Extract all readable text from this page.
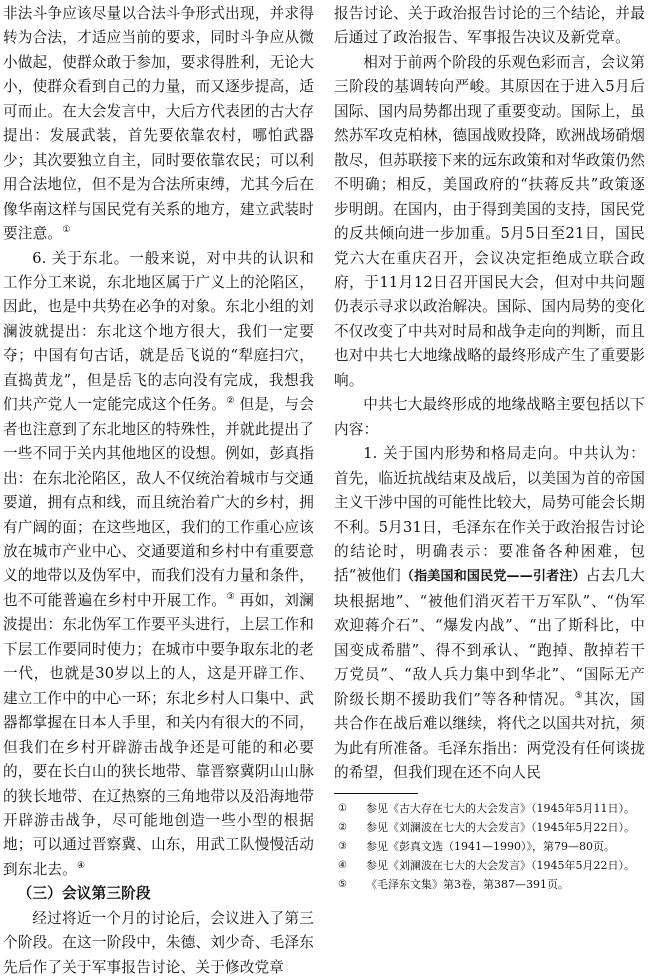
非法斗争应该尽量以合法斗争形式出现，并求得转为合法，才适应当前的要求，同时斗争应从微小做起，使群众敢于参加，要求得胜利，无论大小，使群众看到自己的力量，而又逐步提高，适可而止。在大会发言中，大后方代表团的古大存提出：发展武装，首先要依靠农村，哪怕武器少；其次要独立自主，同时要依靠农民；可以利用合法地位，但不是为合法所束缚，尤其今后在像华南这样与国民党有关系的地方，建立武装时要注意。①

6. 关于东北。一般来说，对中共的认识和工作分工来说，东北地区属于广义上的沦陷区，因此，也是中共势在必争的对象。东北小组的刘澜波就提出：东北这个地方很大，我们一定要夺；中国有句古话，就是岳飞说的“犁庭扫穴，直捣黄龙”，但是岳飞的志向没有完成，我想我们共产党人一定能完成这个任务。② 但是，与会者也注意到了东北地区的特殊性，并就此提出了一些不同于关内其他地区的设想。例如，彭真指出：在东北沦陷区，敌人不仅统治着城市与交通要道，拥有点和线，而且统治着广大的乡村，拥有广阔的面；在这些地区，我们的工作重心应该放在城市产业中心、交通要道和乡村中有重要意义的地带以及伪军中，而我们没有力量和条件，也不可能普遍在乡村中开展工作。③ 再如，刘澜波提出：东北伪军工作要平头进行，上层工作和下层工作要同时使力；在城市中要争取东北的老一代，也就是30岁以上的人，这是开辟工作、建立工作中的中心一环；东北乡村人口集中、武器都掌握在日本人手里，和关内有很大的不同，但我们在乡村开辟游击战争还是可能的和必要的，要在长白山的狭长地带、靠晋察冀阴山山脉的狭长地带、在辽热察的三角地带以及沿海地带开辟游击战争，尽可能地创造一些小型的根据地；可以通过晋察冀、山东，用武工队慢慢活动到东北去。④

（三）会议第三阶段

经过将近一个月的讨论后，会议进入了第三个阶段。在这一阶段中，朱德、刘少奇、毛泽东先后作了关于军事报告讨论、关于修改党章

报告讨论、关于政治报告讨论的三个结论，并最后通过了政治报告、军事报告决议及新党章。

相对于前两个阶段的乐观色彩而言，会议第三阶段的基调转向严峻。其原因在于进入5月后国际、国内局势都出现了重要变动。国际上，虽然苏军攻克柏林，德国战败投降，欧洲战场硝烟散尽，但苏联接下来的远东政策和对华政策仍然不明确；相反，美国政府的“扶蒋反共”政策逐步明朗。在国内，由于得到美国的支持，国民党的反共倾向进一步加重。5月5日至21日，国民党六大在重庆召开，会议决定拒绝成立联合政府，于11月12日召开国民大会，但对中共问题仍表示寻求以政治解决。国际、国内局势的变化不仅改变了中共对时局和战争走向的判断，而且也对中共七大地缘战略的最终形成产生了重要影响。

中共七大最终形成的地缘战略主要包括以下内容：

1. 关于国内形势和格局走向。中共认为：首先，临近抗战结束及战后，以美国为首的帝国主义干涉中国的可能性比较大，局势可能会长期不利。5月31日，毛泽东在作关于政治报告讨论的结论时，明确表示：要准备各种困难，包括“被他们（指美国和国民党——引者注）占去几大块根据地”、“被他们消灭若干万军队”、“伪军欢迎蒋介石”、“爆发内战”、“出了斯科比，中国变成希腊”、得不到承认、“跑掉、散掉若干万党员”、“敌人兵力集中到华北”、“国际无产阶级长期不援助我们”等各种情况。⑤其次，国共合作在战后难以继续，将代之以国共对抗，须为此有所准备。毛泽东指出：两党没有任何谈拢的希望，但我们现在还不向人民

① 参见《古大存在七大的大会发言》（1945年5月11日）。
② 参见《刘澜波在七大的大会发言》（1945年5月22日）。
③ 参见《彭真文选（1941—1990）》，第79—80页。
④ 参见《刘澜波在七大的大会发言》（1945年5月22日）。
⑤ 《毛泽东文集》第3卷，第387—391页。
